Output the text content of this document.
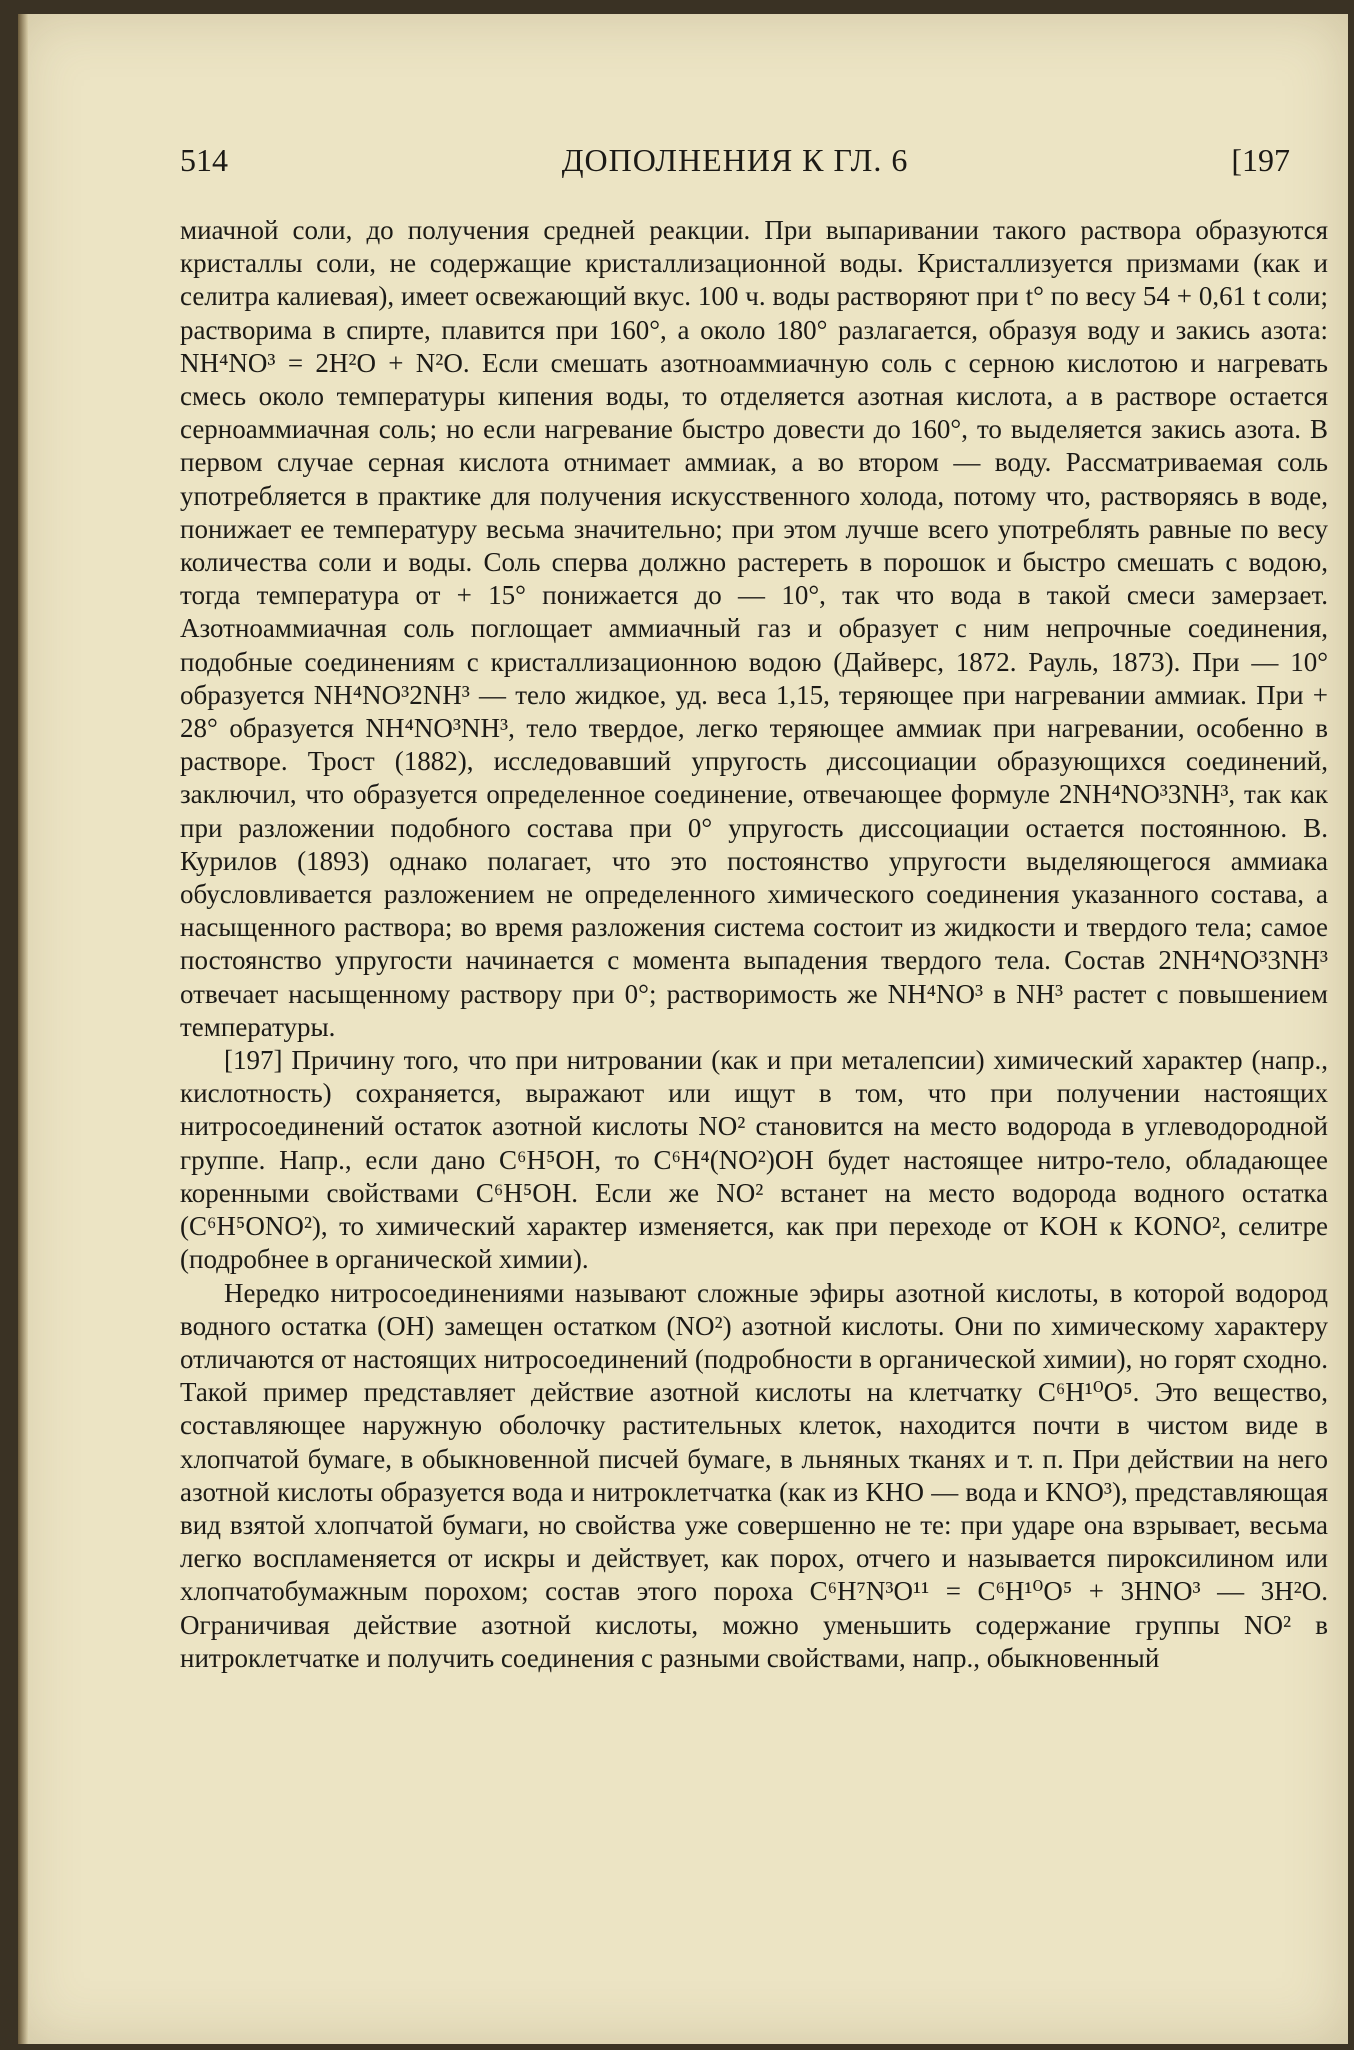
514	ДОПОЛНЕНИЯ К ГЛ. 6	[197

миачной соли, до получения средней реакции. При выпаривании такого раствора образуются кристаллы соли, не содержащие кристаллизационной воды. Кристаллизуется призмами (как и селитра калиевая), имеет освежающий вкус. 100 ч. воды растворяют при t° по весу 54 + 0,61 t соли; растворима в спирте, плавится при 160°, а около 180° разлагается, образуя воду и закись азота: NH⁴NO³ = 2H²O + N²O. Если смешать азотноаммиачную соль с серною кислотою и нагревать смесь около температуры кипения воды, то отделяется азотная кислота, а в растворе остается серноаммиачная соль; но если нагревание быстро довести до 160°, то выделяется закись азота. В первом случае серная кислота отнимает аммиак, а во втором — воду. Рассматриваемая соль употребляется в практике для получения искусственного холода, потому что, растворяясь в воде, понижает ее температуру весьма значительно; при этом лучше всего употреблять равные по весу количества соли и воды. Соль сперва должно растереть в порошок и быстро смешать с водою, тогда температура от + 15° понижается до — 10°, так что вода в такой смеси замерзает. Азотноаммиачная соль поглощает аммиачный газ и образует с ним непрочные соединения, подобные соединениям с кристаллизационною водою (Дайверс, 1872. Рауль, 1873). При — 10° образуется NH⁴NO³2NH³ — тело жидкое, уд. веса 1,15, теряющее при нагревании аммиак. При + 28° образуется NH⁴NO³NH³, тело твердое, легко теряющее аммиак при нагревании, особенно в растворе. Трост (1882), исследовавший упругость диссоциации образующихся соединений, заключил, что образуется определенное соединение, отвечающее формуле 2NH⁴NO³3NH³, так как при разложении подобного состава при 0° упругость диссоциации остается постоянною. В. Курилов (1893) однако полагает, что это постоянство упругости выделяющегося аммиака обусловливается разложением не определенного химического соединения указанного состава, а насыщенного раствора; во время разложения система состоит из жидкости и твердого тела; самое постоянство упругости начинается с момента выпадения твердого тела. Состав 2NH⁴NO³3NH³ отвечает насыщенному раствору при 0°; растворимость же NH⁴NO³ в NH³ растет с повышением температуры.

[197] Причину того, что при нитровании (как и при металепсии) химический характер (напр., кислотность) сохраняется, выражают или ищут в том, что при получении настоящих нитросоединений остаток азотной кислоты NO² становится на место водорода в углеводородной группе. Напр., если дано C⁶H⁵OH, то C⁶H⁴(NO²)OH будет настоящее нитро-тело, обладающее коренными свойствами C⁶H⁵OH. Если же NO² встанет на место водорода водного остатка (C⁶H⁵ONO²), то химический характер изменяется, как при переходе от KOH к KONO², селитре (подробнее в органической химии).

Нередко нитросоединениями называют сложные эфиры азотной кислоты, в которой водород водного остатка (OH) замещен остатком (NO²) азотной кислоты. Они по химическому характеру отличаются от настоящих нитросоединений (подробности в органической химии), но горят сходно. Такой пример представляет действие азотной кислоты на клетчатку C⁶H¹⁰O⁵. Это вещество, составляющее наружную оболочку растительных клеток, находится почти в чистом виде в хлопчатой бумаге, в обыкновенной писчей бумаге, в льняных тканях и т. п. При действии на него азотной кислоты образуется вода и нитроклетчатка (как из KHO — вода и KNO³), представляющая вид взятой хлопчатой бумаги, но свойства уже совершенно не те: при ударе она взрывает, весьма легко воспламеняется от искры и действует, как порох, отчего и называется пироксилином или хлопчатобумажным порохом; состав этого пороха C⁶H⁷N³O¹¹ = C⁶H¹⁰O⁵ + 3HNO³ — 3H²O. Ограничивая действие азотной кислоты, можно уменьшить содержание группы NO² в нитроклетчатке и получить соединения с разными свойствами, напр., обыкновенный
